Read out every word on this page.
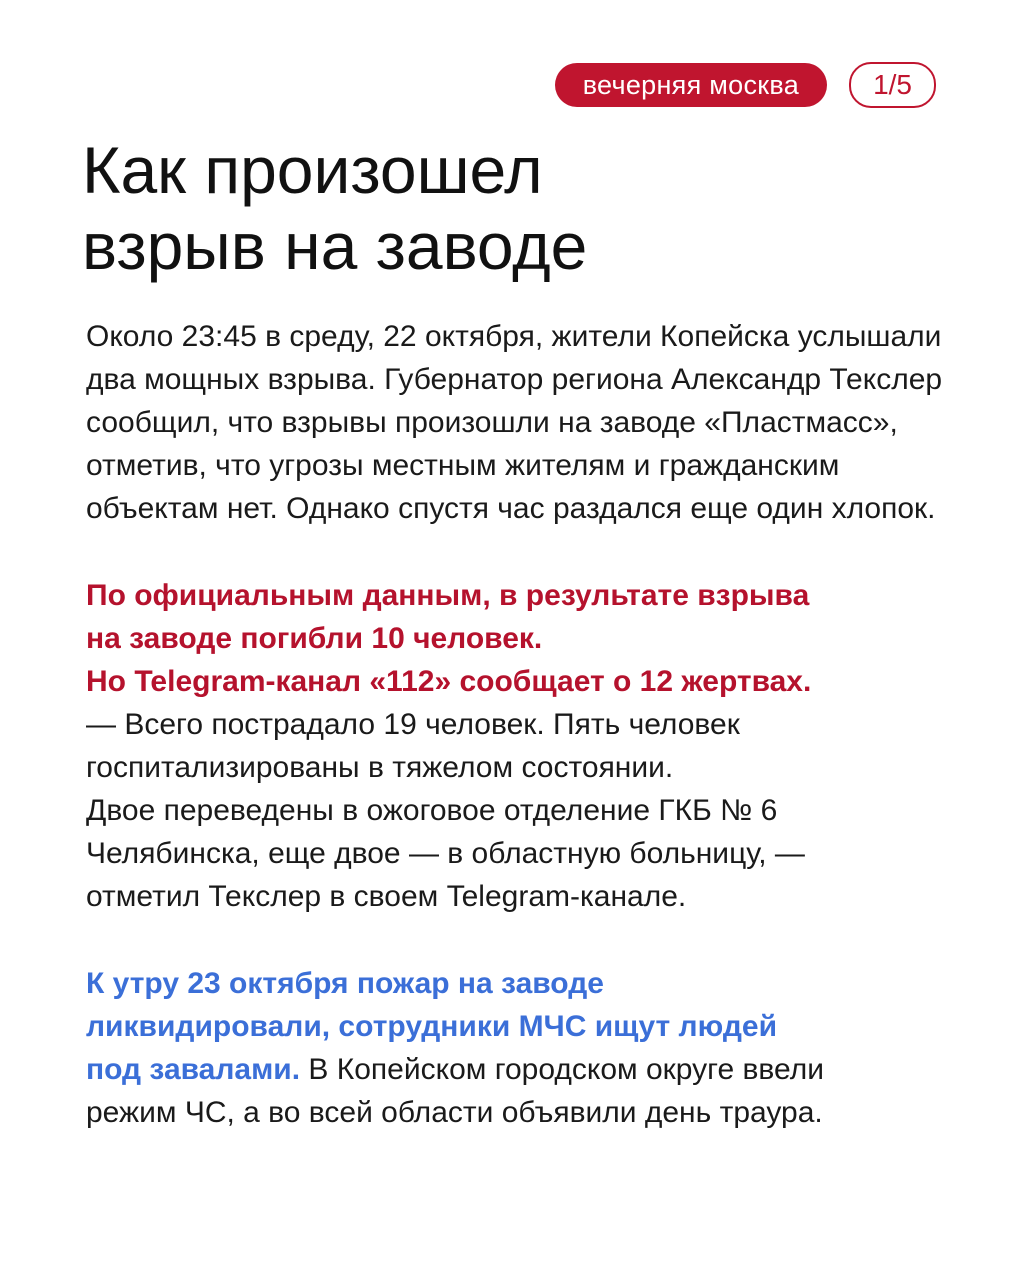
вечерняя москва	1/5
Как произошел
взрыв на заводе

Около 23:45 в среду, 22 октября, жители Копейска услышали два мощных взрыва. Губернатор региона Александр Текслер сообщил, что взрывы произошли на заводе «Пластмасс», отметив, что угрозы местным жителям и гражданским объектам нет. Однако спустя час раздался еще один хлопок.

По официальным данным, в результате взрыва
на заводе погибли 10 человек.
Но Telegram-канал «112» сообщает о 12 жертвах.
— Всего пострадало 19 человек. Пять человек
госпитализированы в тяжелом состоянии.
Двое переведены в ожоговое отделение ГКБ № 6
Челябинска, еще двое — в областную больницу, —
отметил Текслер в своем Telegram-канале.
К утру 23 октября пожар на заводе
ликвидировали, сотрудники МЧС ищут людей
под завалами. В Копейском городском округе ввели
режим ЧС, а во всей области объявили день траура.
